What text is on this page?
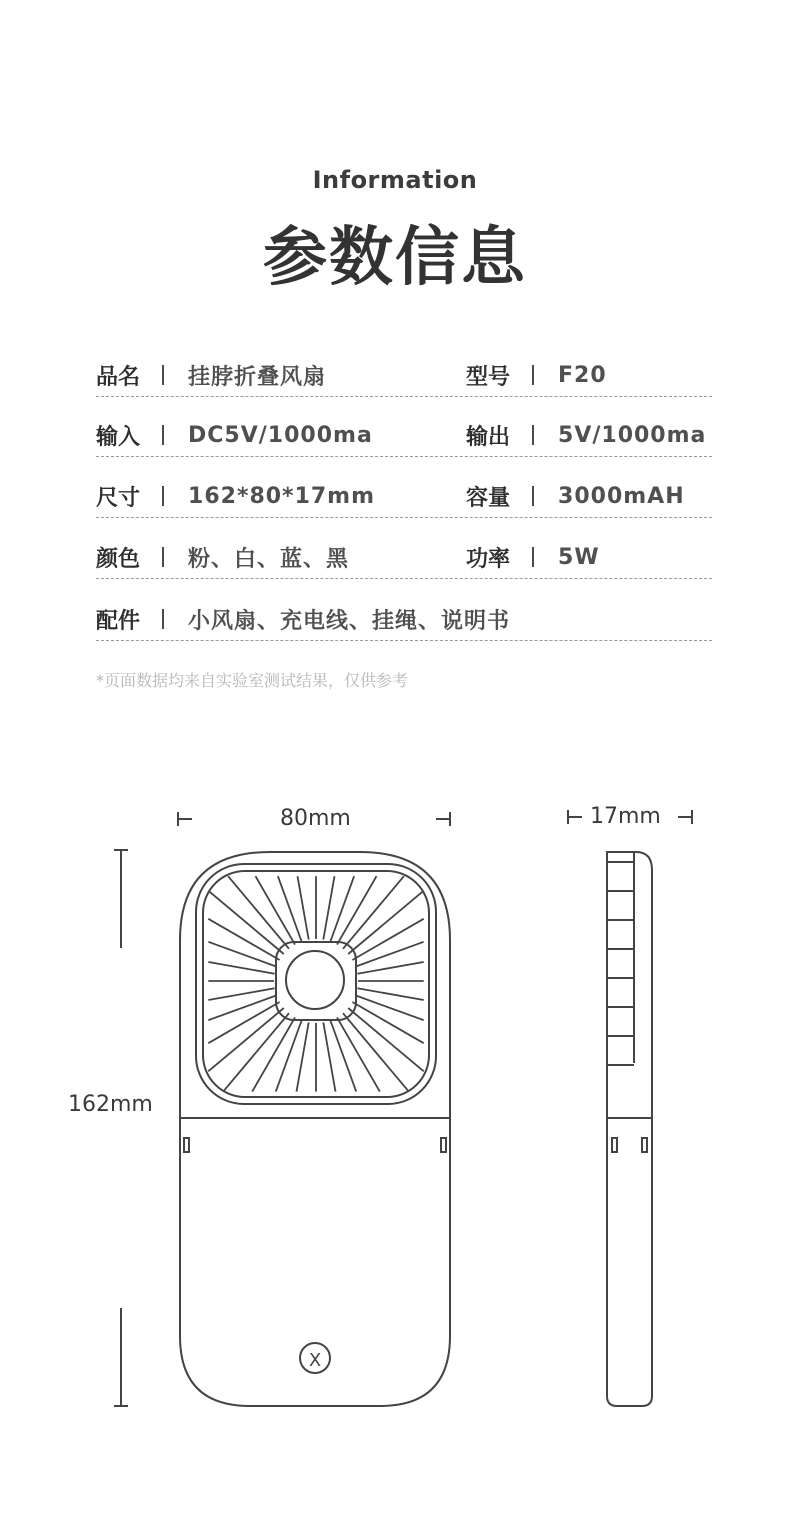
Information
参数信息
品名 挂脖折叠风扇	型号 F20
输入 DC5V/1000ma	输出 5V/1000ma
尺寸 162*80*17mm	容量 3000mAH
颜色 粉、白、蓝、黑	功率 5W
配件 小风扇、充电线、挂绳、说明书
*页面数据均来自实验室测试结果，仅供参考
80mm	17mm
162mm
X
